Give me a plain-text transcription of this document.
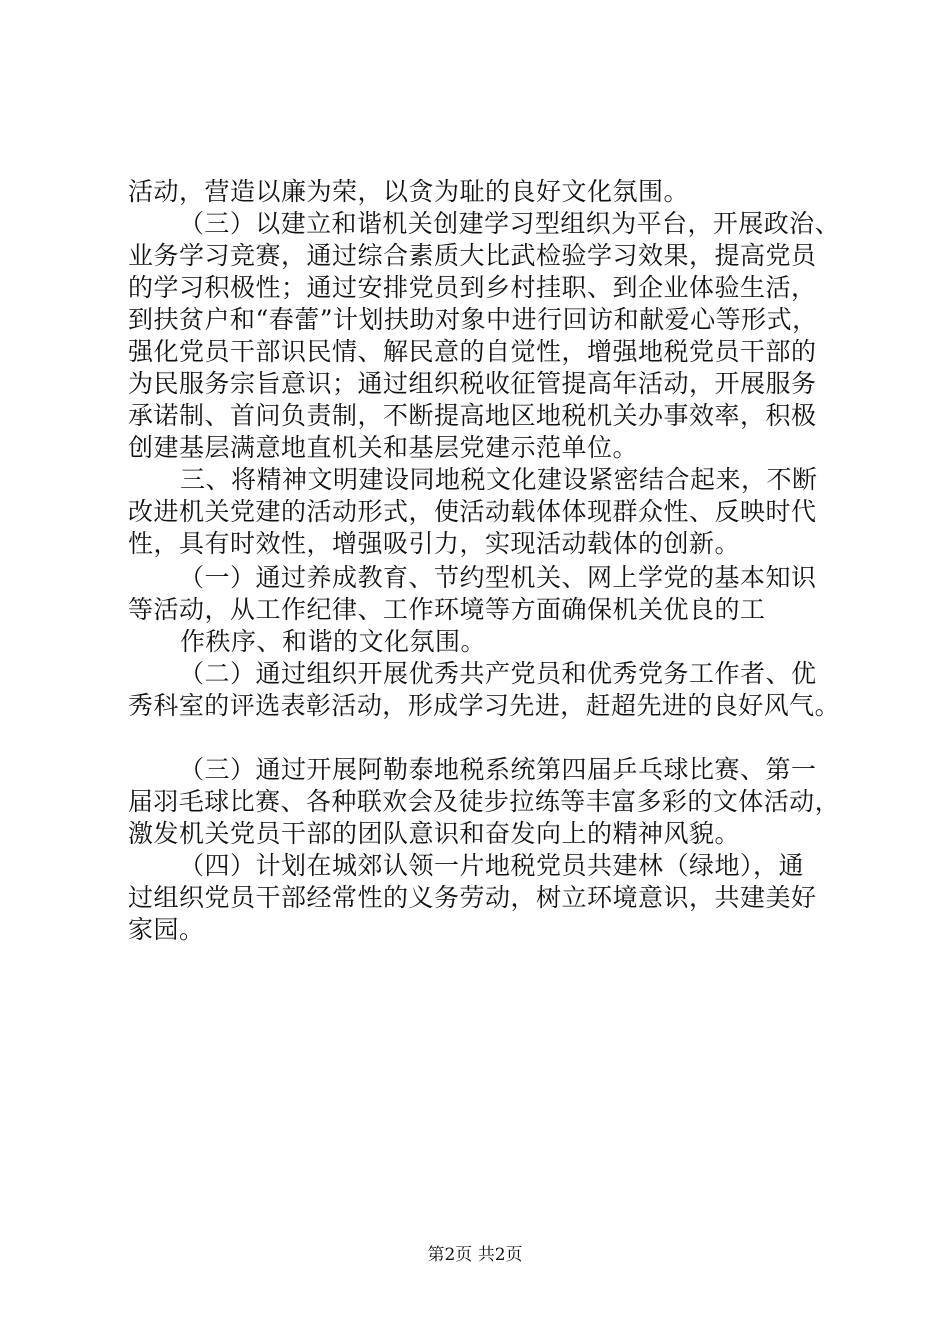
活动，营造以廉为荣，以贪为耻的良好文化氛围。
（三）以建立和谐机关创建学习型组织为平台，开展政治、
业务学习竞赛，通过综合素质大比武检验学习效果，提高党员
的学习积极性；通过安排党员到乡村挂职、到企业体验生活，
到扶贫户和“春蕾”计划扶助对象中进行回访和献爱心等形式，
强化党员干部识民情、解民意的自觉性，增强地税党员干部的
为民服务宗旨意识；通过组织税收征管提高年活动，开展服务
承诺制、首问负责制，不断提高地区地税机关办事效率，积极
创建基层满意地直机关和基层党建示范单位。
三、将精神文明建设同地税文化建设紧密结合起来，不断
改进机关党建的活动形式，使活动载体体现群众性、反映时代
性，具有时效性，增强吸引力，实现活动载体的创新。
（一）通过养成教育、节约型机关、网上学党的基本知识
等活动，从工作纪律、工作环境等方面确保机关优良的工
作秩序、和谐的文化氛围。
（二）通过组织开展优秀共产党员和优秀党务工作者、优
秀科室的评选表彰活动，形成学习先进，赶超先进的良好风气。
（三）通过开展阿勒泰地税系统第四届乒乓球比赛、第一
届羽毛球比赛、各种联欢会及徒步拉练等丰富多彩的文体活动，
激发机关党员干部的团队意识和奋发向上的精神风貌。
（四）计划在城郊认领一片地税党员共建林（绿地），通
过组织党员干部经常性的义务劳动，树立环境意识，共建美好
家园。
第2页 共2页
